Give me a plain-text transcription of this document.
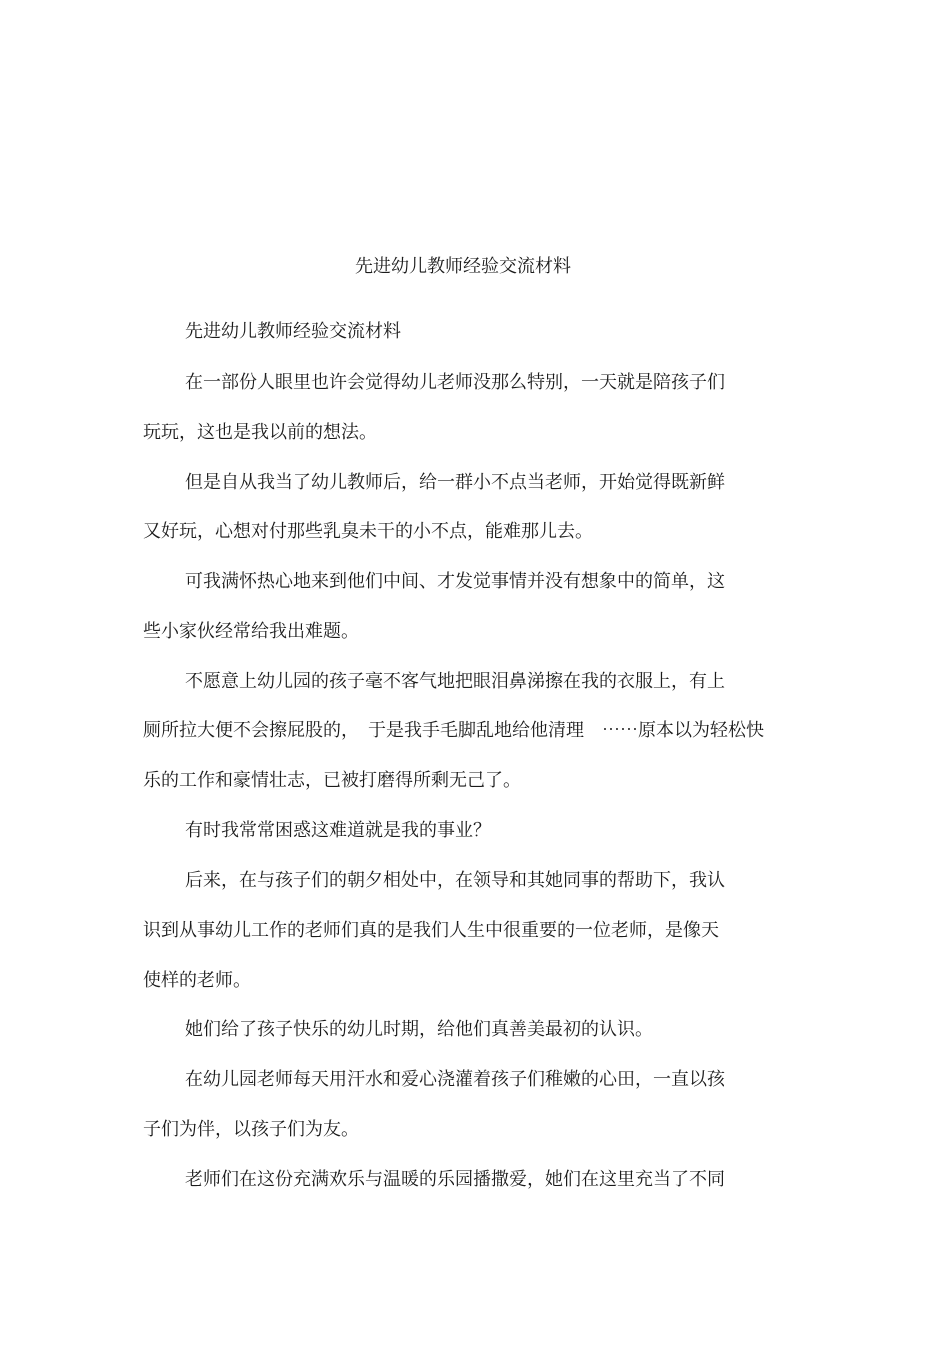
先进幼儿教师经验交流材料
先进幼儿教师经验交流材料
在一部份人眼里也许会觉得幼儿老师没那么特别，一天就是陪孩子们
玩玩，这也是我以前的想法。
但是自从我当了幼儿教师后，给一群小不点当老师，开始觉得既新鲜
又好玩，心想对付那些乳臭未干的小不点，能难那儿去。
可我满怀热心地来到他们中间、才发觉事情并没有想象中的简单，这
些小家伙经常给我出难题。
不愿意上幼儿园的孩子毫不客气地把眼泪鼻涕擦在我的衣服上，有上
厕所拉大便不会擦屁股的，　于是我手毛脚乱地给他清理　⋯⋯原本以为轻松快
乐的工作和豪情壮志，已被打磨得所剩无己了。
有时我常常困惑这难道就是我的事业？
后来，在与孩子们的朝夕相处中，在领导和其她同事的帮助下，我认
识到从事幼儿工作的老师们真的是我们人生中很重要的一位老师，是像天
使样的老师。
她们给了孩子快乐的幼儿时期，给他们真善美最初的认识。
在幼儿园老师每天用汗水和爱心浇灌着孩子们稚嫩的心田，一直以孩
子们为伴，以孩子们为友。
老师们在这份充满欢乐与温暖的乐园播撒爱，她们在这里充当了不同
